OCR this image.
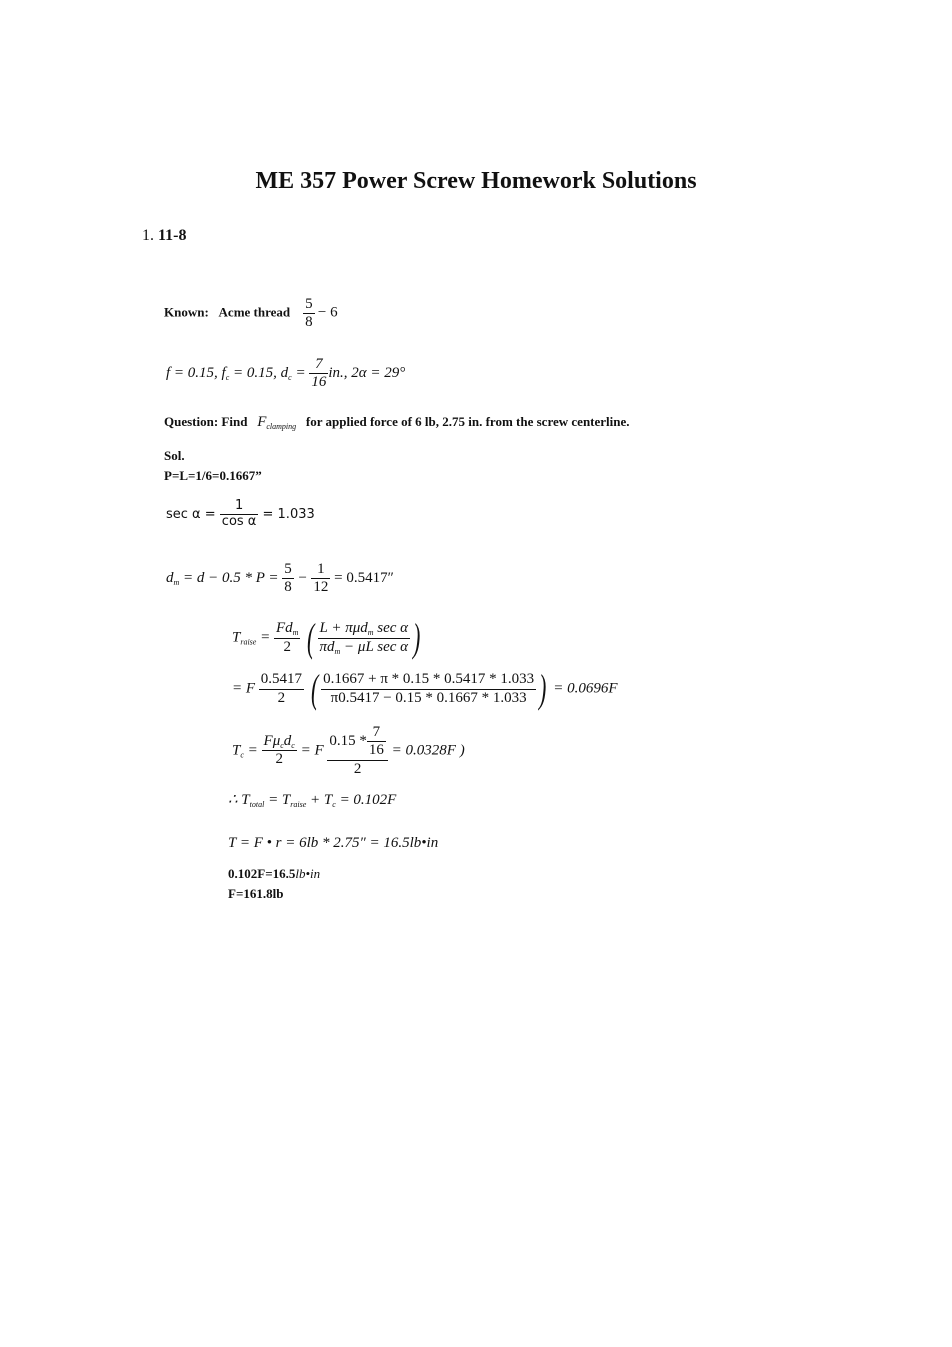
ME 357 Power Screw Homework Solutions
1. 11-8
Known: Acme thread $\frac{5}{8} - 6$
f = 0.15, $f_c = 0.15$, $d_c = \frac{7}{16}$ in., 2α = 29°
Question: Find $F_{clamping}$ for applied force of 6 lb, 2.75 in. from the screw centerline.
Sol.
P=L=1/6=0.1667”
$\sec \alpha = \frac{1}{\text{cos α}} = 1.033$
$d_m = d - 0.5 * P = \frac{5}{8} - \frac{1}{12} = 0.5417''$
$T_{raise} = \frac{Fd_m}{2}$ ( $\frac{L + \pi\mu d_m \sec \alpha}{\pi d_m - \mu L \sec \alpha}$ )
= F $\frac{0.5417}{2}$ ( $\frac{0.1667 + \pi * 0.15 * 0.5417 * 1.033}{\pi 0.5417 - 0.15 * 0.1667 * 1.033}$ ) = 0.0696F
$T_c = \frac{F\mu_cd_c}{2} = F \frac{0.15 * \frac{7}{16}}{2} = 0.0328F$ )
∴ $T_{total} = T_{raise} + T_c = 0.102F$
T = F • r = 6lb * 2.75″ = 16.5lb•in
0.102F=16.5lb•in
F=161.8lb
